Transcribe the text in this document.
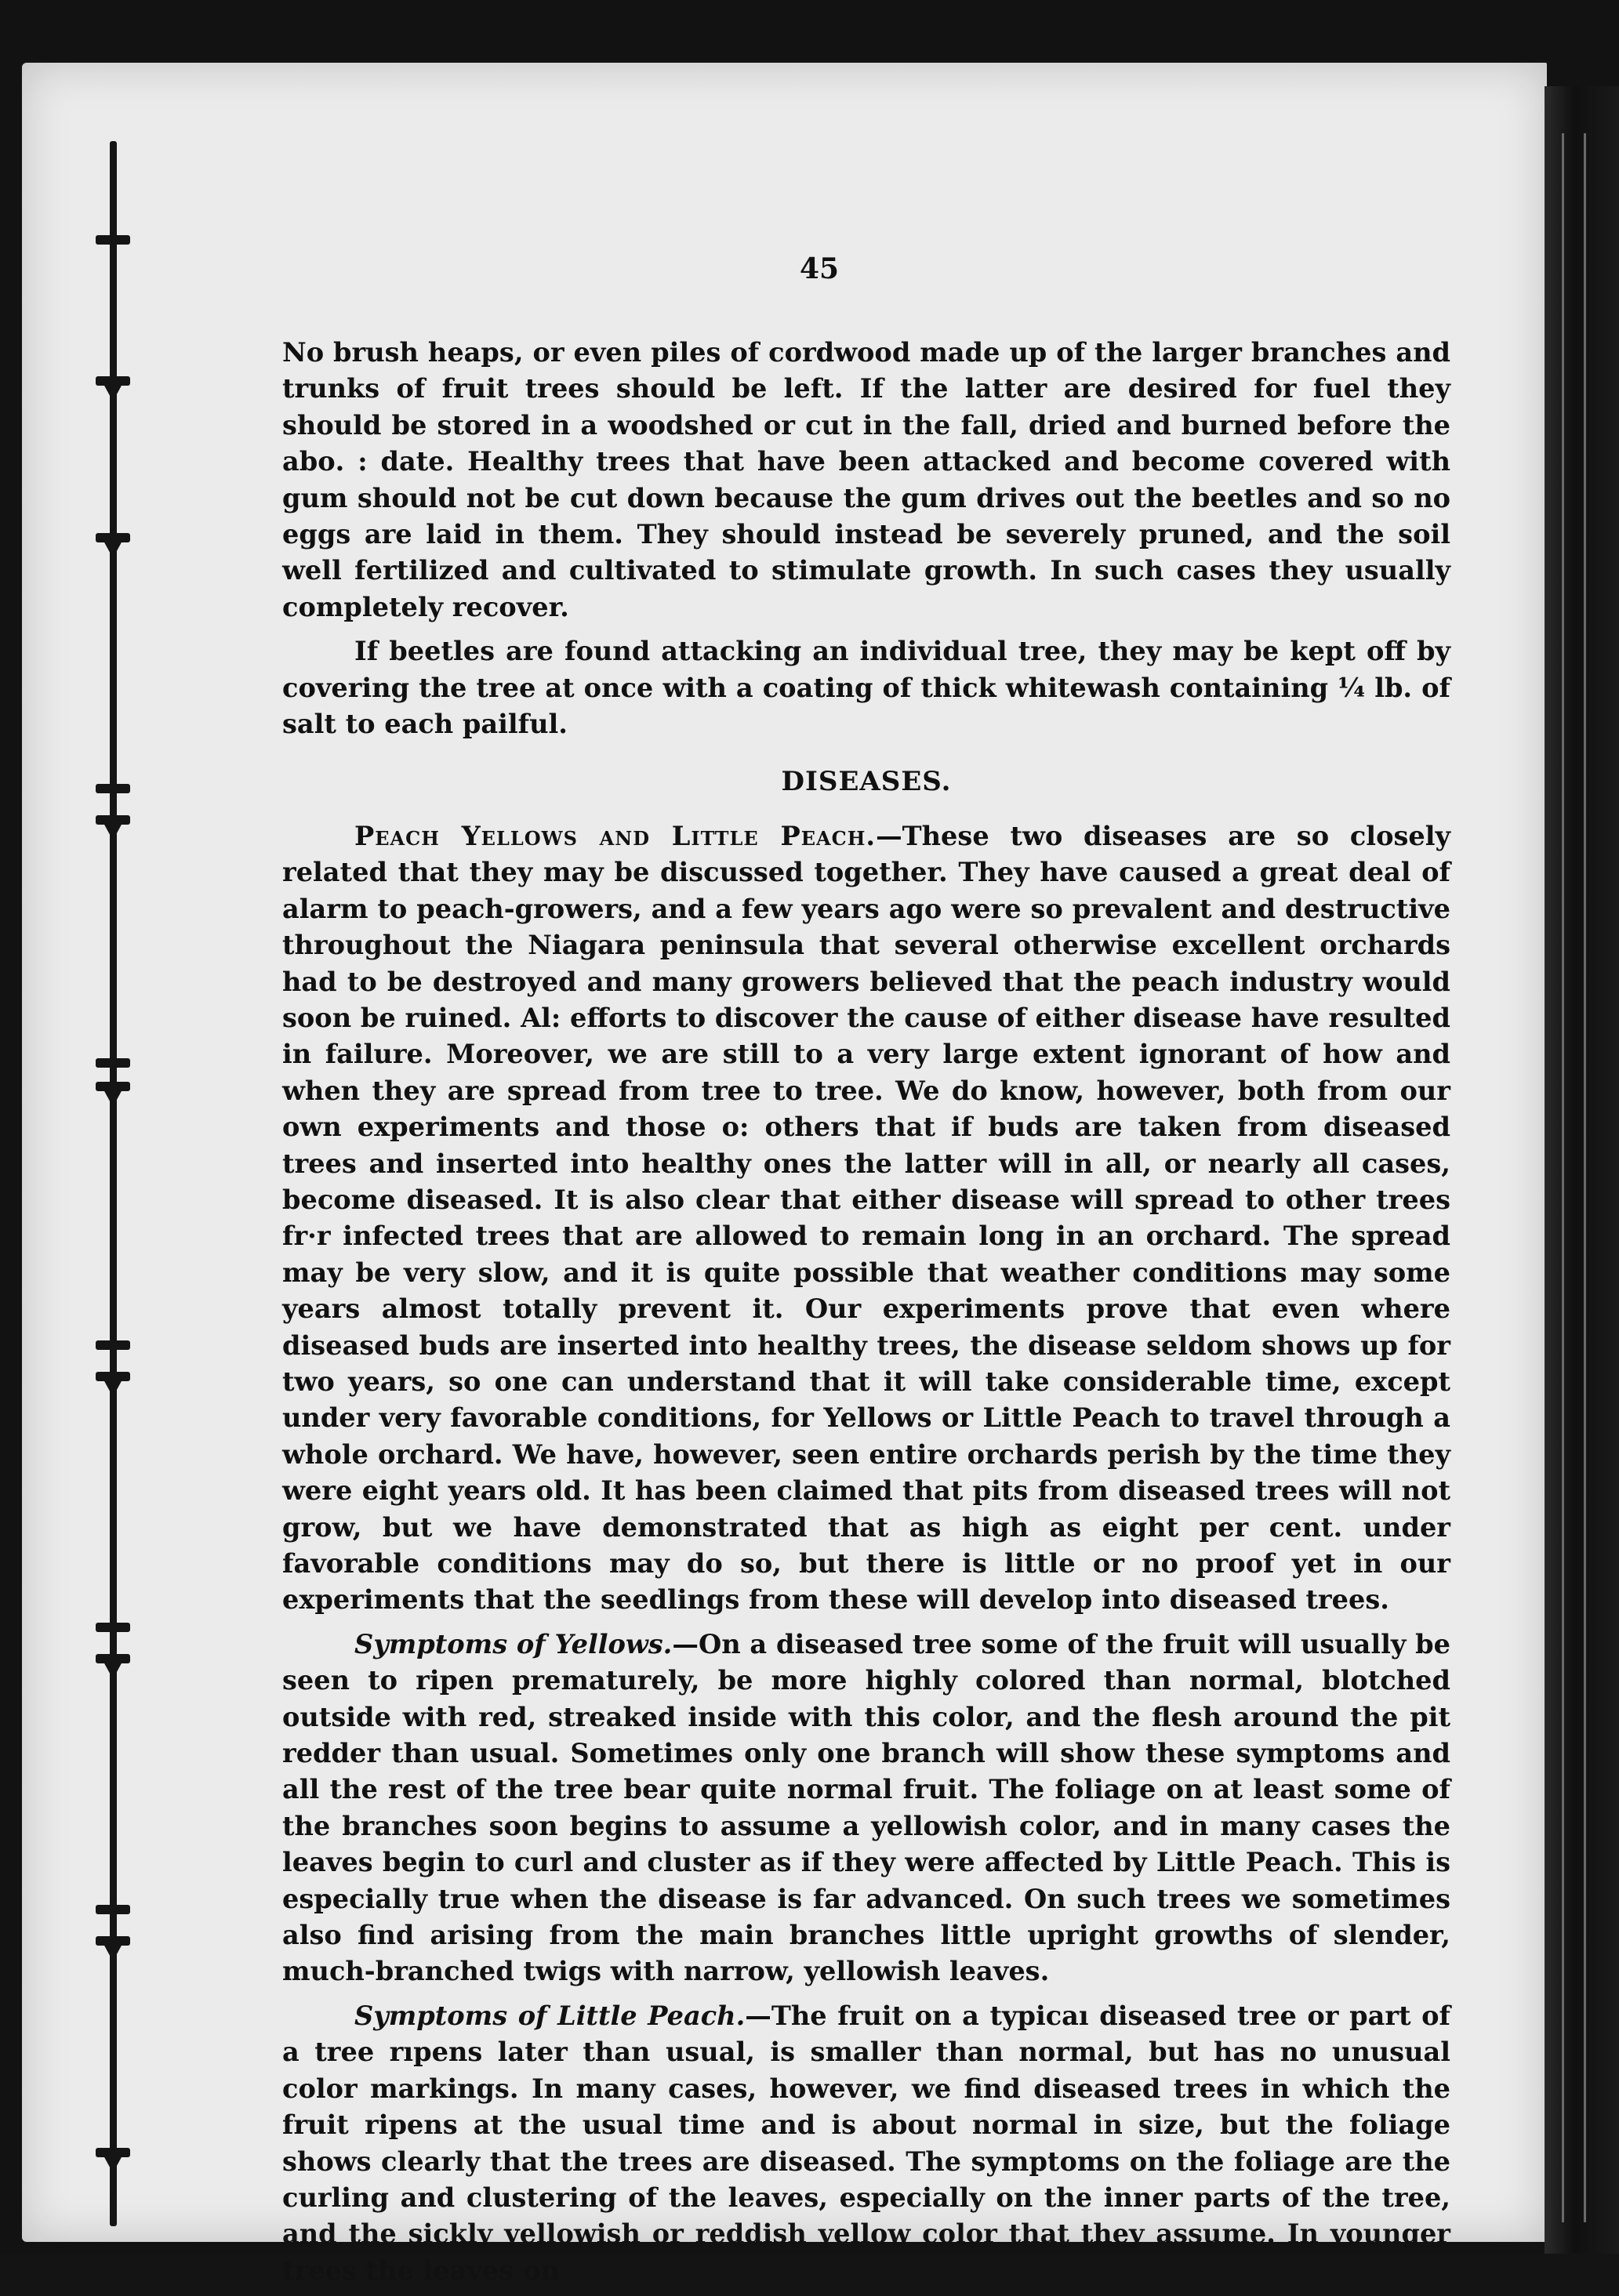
45

No brush heaps, or even piles of cordwood made up of the larger branches and trunks of fruit trees should be left. If the latter are desired for fuel they should be stored in a woodshed or cut in the fall, dried and burned before the abo․ : date. Healthy trees that have been attacked and become covered with gum should not be cut down because the gum drives out the beetles and so no eggs are laid in them. They should instead be severely pruned, and the soil well fertilized and cultivated to stimulate growth. In such cases they usually completely recover.

If beetles are found attacking an individual tree, they may be kept off by covering the tree at once with a coating of thick whitewash containing ¼ lb. of salt to each pailful.

DISEASES.

Peach Yellows and Little Peach.—These two diseases are so closely related that they may be discussed together. They have caused a great deal of alarm to peach-growers, and a few years ago were so prevalent and destructive throughout the Niagara peninsula that several otherwise excellent orchards had to be destroyed and many growers believed that the peach industry would soon be ruined. Al: efforts to discover the cause of either disease have resulted in failure. Moreover, we are still to a very large extent ignorant of how and when they are spread from tree to tree. We do know, however, both from our own experiments and those o: others that if buds are taken from diseased trees and inserted into healthy ones the latter will in all, or nearly all cases, become diseased. It is also clear that either disease will spread to other trees fr·r infected trees that are allowed to remain long in an orchard. The spread may be very slow, and it is quite possible that weather conditions may some years almost totally prevent it. Our experiments prove that even where diseased buds are inserted into healthy trees, the disease seldom shows up for two years, so one can understand that it will take considerable time, except under very favorable conditions, for Yellows or Little Peach to travel through a whole orchard. We have, however, seen entire orchards perish by the time they were eight years old. It has been claimed that pits from diseased trees will not grow, but we have demonstrated that as high as eight per cent. under favorable conditions may do so, but there is little or no proof yet in our experiments that the seedlings from these will develop into diseased trees.

Symptoms of Yellows.—On a diseased tree some of the fruit will usually be seen to ripen prematurely, be more highly colored than normal, blotched outside with red, streaked inside with this color, and the flesh around the pit redder than usual. Sometimes only one branch will show these symptoms and all the rest of the tree bear quite normal fruit. The foliage on at least some of the branches soon begins to assume a yellowish color, and in many cases the leaves begin to curl and cluster as if they were affected by Little Peach. This is especially true when the disease is far advanced. On such trees we sometimes also find arising from the main branches little upright growths of slender, much-branched twigs with narrow, yellowish leaves.

Symptoms of Little Peach.—The fruit on a typicaı diseased tree or part of a tree rıpens later than usual, is smaller than normal, but has no unusual color markings. In many cases, however, we find diseased trees in which the fruit ripens at the usual time and is about normal in size, but the foliage shows clearly that the trees are diseased. The symptoms on the foliage are the curling and clustering of the leaves, especially on the inner parts of the tree, and the sickly yellowish or reddish yellow color that they assume. In younger trees the leaves on
